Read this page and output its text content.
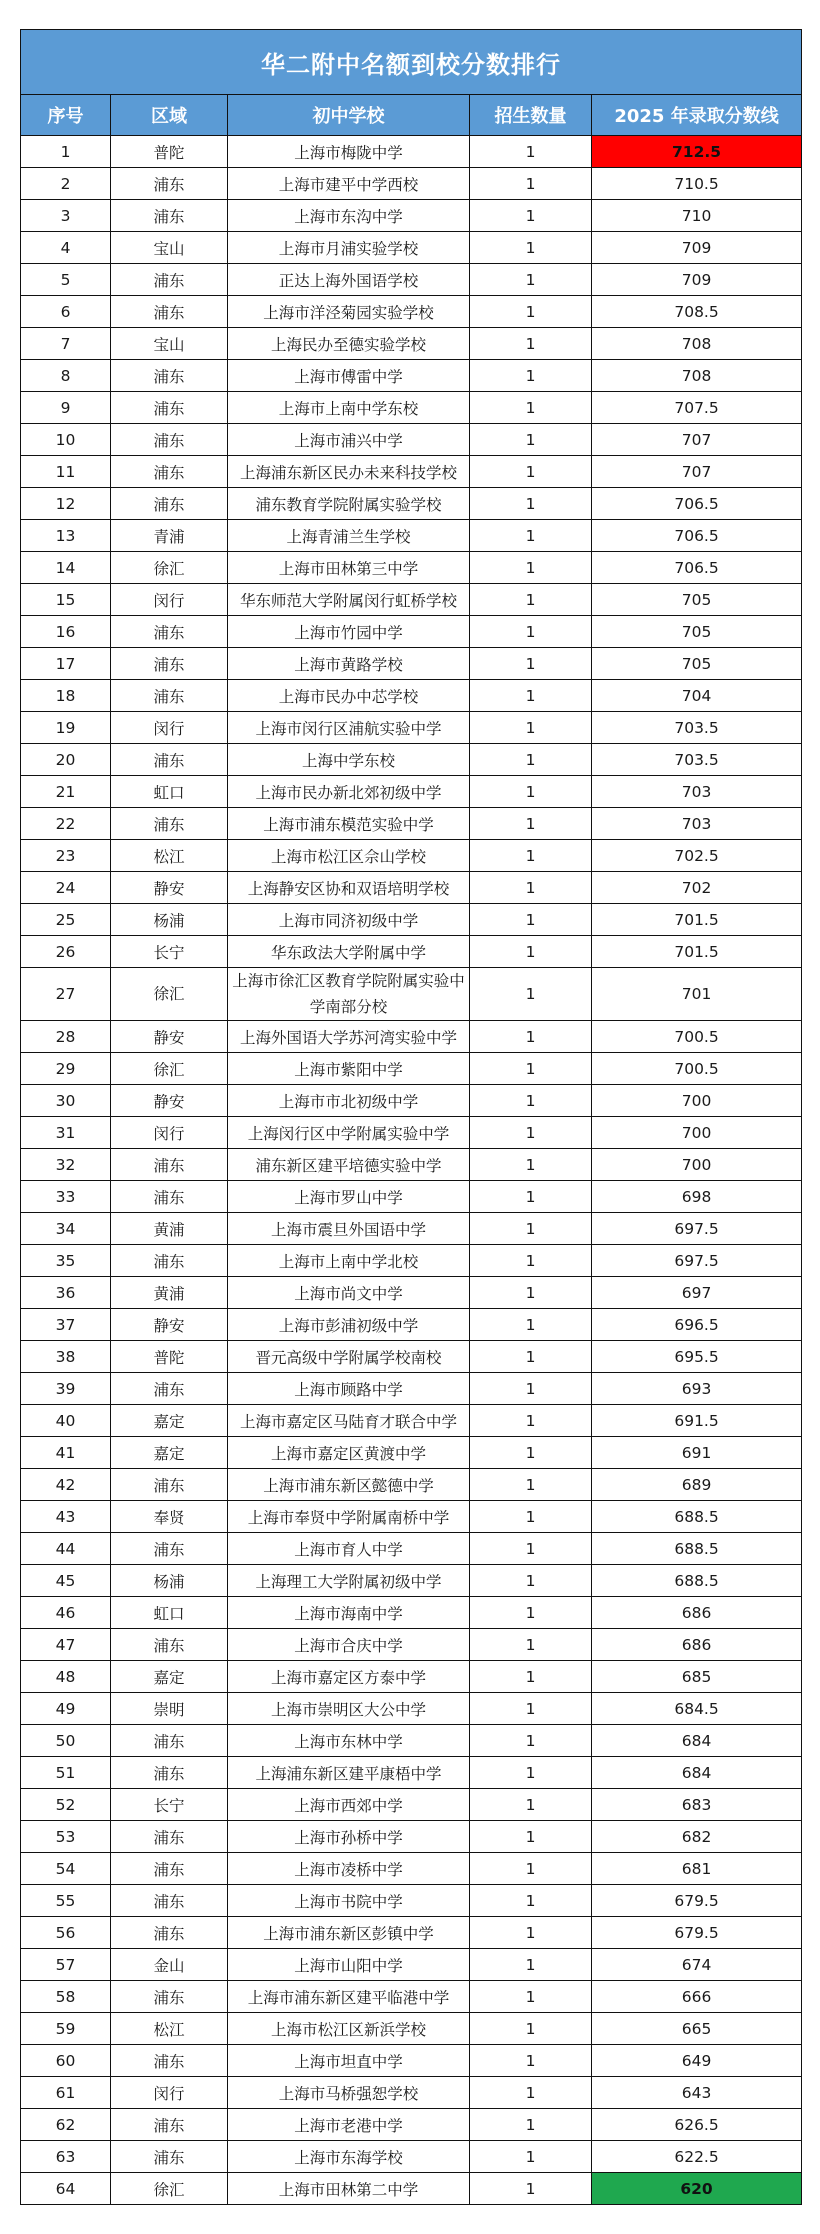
华二附中名额到校分数排行				
序号	区域	初中学校	招生数量	2025 年录取分数线
1	普陀	上海市梅陇中学	1	712.5
2	浦东	上海市建平中学西校	1	710.5
3	浦东	上海市东沟中学	1	710
4	宝山	上海市月浦实验学校	1	709
5	浦东	正达上海外国语学校	1	709
6	浦东	上海市洋泾菊园实验学校	1	708.5
7	宝山	上海民办至德实验学校	1	708
8	浦东	上海市傅雷中学	1	708
9	浦东	上海市上南中学东校	1	707.5
10	浦东	上海市浦兴中学	1	707
11	浦东	上海浦东新区民办未来科技学校	1	707
12	浦东	浦东教育学院附属实验学校	1	706.5
13	青浦	上海青浦兰生学校	1	706.5
14	徐汇	上海市田林第三中学	1	706.5
15	闵行	华东师范大学附属闵行虹桥学校	1	705
16	浦东	上海市竹园中学	1	705
17	浦东	上海市黄路学校	1	705
18	浦东	上海市民办中芯学校	1	704
19	闵行	上海市闵行区浦航实验中学	1	703.5
20	浦东	上海中学东校	1	703.5
21	虹口	上海市民办新北郊初级中学	1	703
22	浦东	上海市浦东模范实验中学	1	703
23	松江	上海市松江区佘山学校	1	702.5
24	静安	上海静安区协和双语培明学校	1	702
25	杨浦	上海市同济初级中学	1	701.5
26	长宁	华东政法大学附属中学	1	701.5
27	徐汇	上海市徐汇区教育学院附属实验中学南部分校	1	701
28	静安	上海外国语大学苏河湾实验中学	1	700.5
29	徐汇	上海市紫阳中学	1	700.5
30	静安	上海市市北初级中学	1	700
31	闵行	上海闵行区中学附属实验中学	1	700
32	浦东	浦东新区建平培德实验中学	1	700
33	浦东	上海市罗山中学	1	698
34	黄浦	上海市震旦外国语中学	1	697.5
35	浦东	上海市上南中学北校	1	697.5
36	黄浦	上海市尚文中学	1	697
37	静安	上海市彭浦初级中学	1	696.5
38	普陀	晋元高级中学附属学校南校	1	695.5
39	浦东	上海市顾路中学	1	693
40	嘉定	上海市嘉定区马陆育才联合中学	1	691.5
41	嘉定	上海市嘉定区黄渡中学	1	691
42	浦东	上海市浦东新区懿德中学	1	689
43	奉贤	上海市奉贤中学附属南桥中学	1	688.5
44	浦东	上海市育人中学	1	688.5
45	杨浦	上海理工大学附属初级中学	1	688.5
46	虹口	上海市海南中学	1	686
47	浦东	上海市合庆中学	1	686
48	嘉定	上海市嘉定区方泰中学	1	685
49	崇明	上海市崇明区大公中学	1	684.5
50	浦东	上海市东林中学	1	684
51	浦东	上海浦东新区建平康梧中学	1	684
52	长宁	上海市西郊中学	1	683
53	浦东	上海市孙桥中学	1	682
54	浦东	上海市凌桥中学	1	681
55	浦东	上海市书院中学	1	679.5
56	浦东	上海市浦东新区彭镇中学	1	679.5
57	金山	上海市山阳中学	1	674
58	浦东	上海市浦东新区建平临港中学	1	666
59	松江	上海市松江区新浜学校	1	665
60	浦东	上海市坦直中学	1	649
61	闵行	上海市马桥强恕学校	1	643
62	浦东	上海市老港中学	1	626.5
63	浦东	上海市东海学校	1	622.5
64	徐汇	上海市田林第二中学	1	620
